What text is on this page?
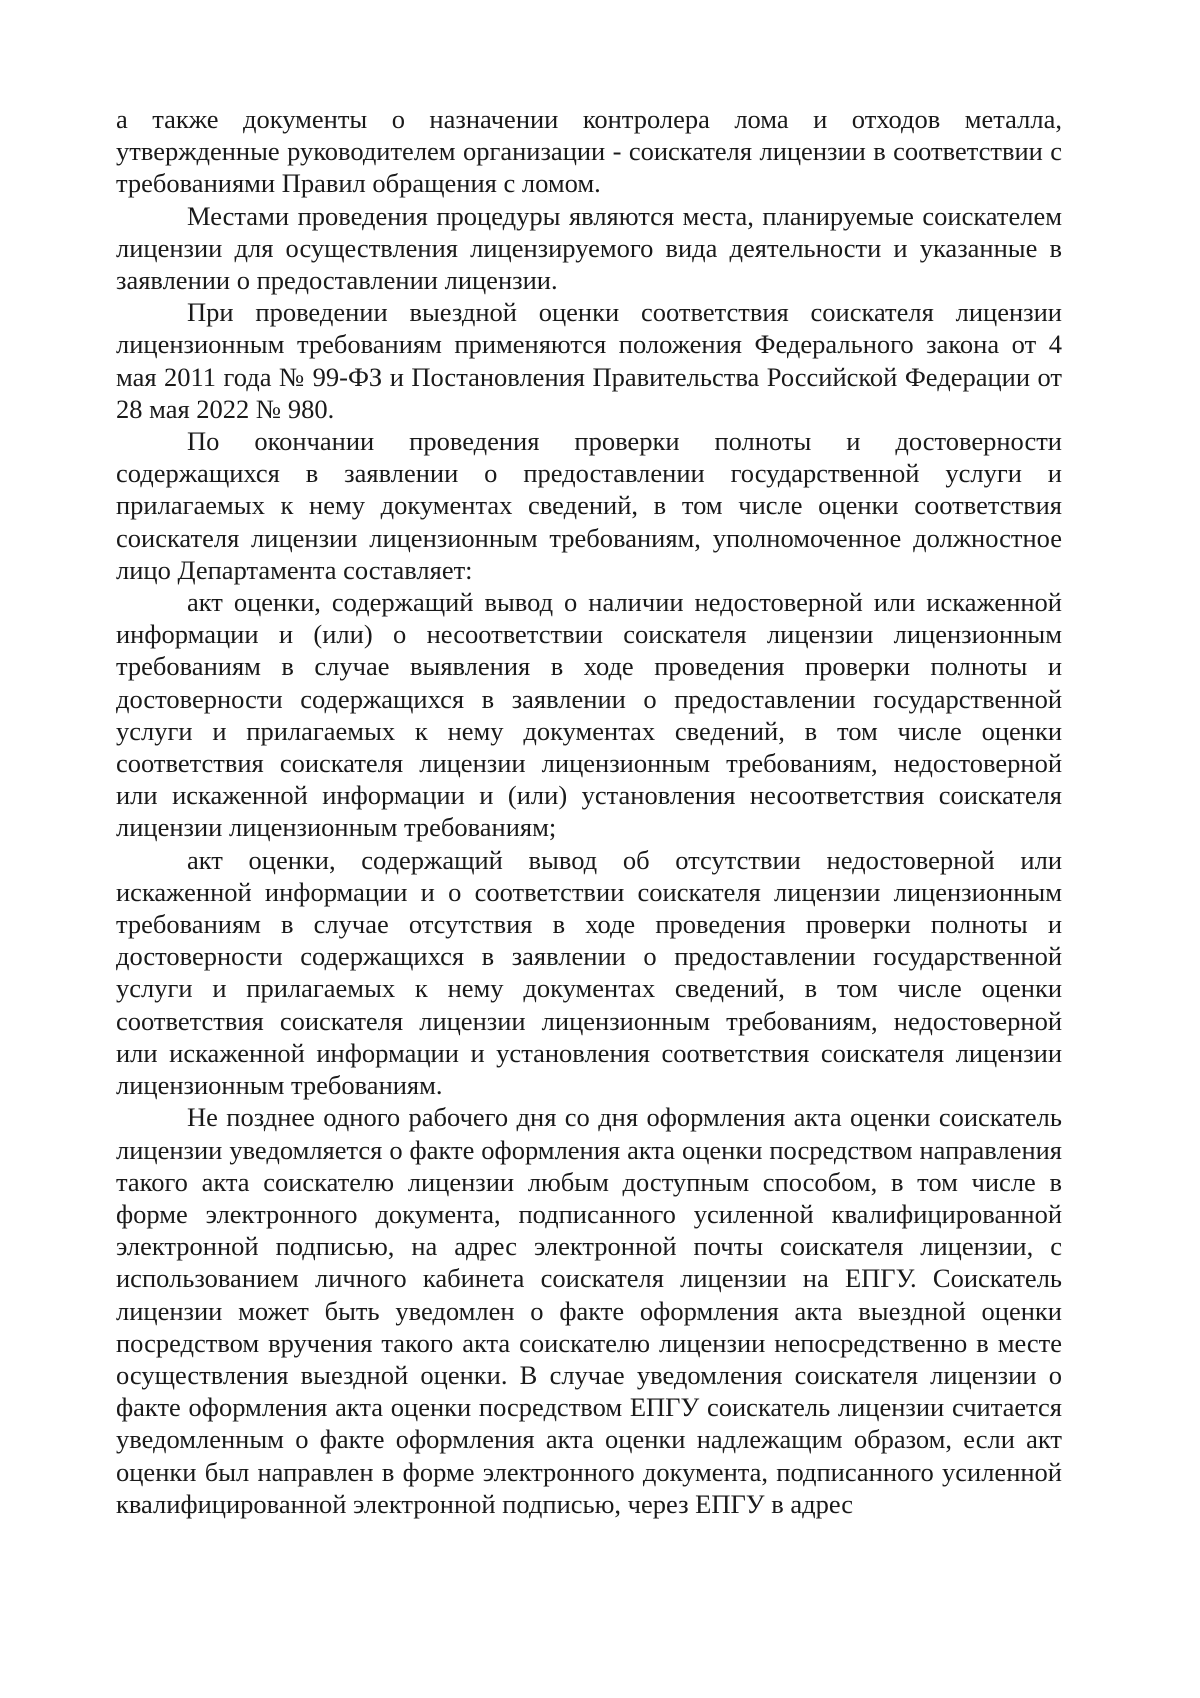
а также документы о назначении контролера лома и отходов металла, утвержденные руководителем организации - соискателя лицензии в соответствии с требованиями Правил обращения с ломом.

Местами проведения процедуры являются места, планируемые соискателем лицензии для осуществления лицензируемого вида деятельности и указанные в заявлении о предоставлении лицензии.

При проведении выездной оценки соответствия соискателя лицензии лицензионным требованиям применяются положения Федерального закона от 4 мая 2011 года № 99-ФЗ и Постановления Правительства Российской Федерации от 28 мая 2022 № 980.

По окончании проведения проверки полноты и достоверности содержащихся в заявлении о предоставлении государственной услуги и прилагаемых к нему документах сведений, в том числе оценки соответствия соискателя лицензии лицензионным требованиям, уполномоченное должностное лицо Департамента составляет:

акт оценки, содержащий вывод о наличии недостоверной или искаженной информации и (или) о несоответствии соискателя лицензии лицензионным требованиям в случае выявления в ходе проведения проверки полноты и достоверности содержащихся в заявлении о предоставлении государственной услуги и прилагаемых к нему документах сведений, в том числе оценки соответствия соискателя лицензии лицензионным требованиям, недостоверной или искаженной информации и (или) установления несоответствия соискателя лицензии лицензионным требованиям;

акт оценки, содержащий вывод об отсутствии недостоверной или искаженной информации и о соответствии соискателя лицензии лицензионным требованиям в случае отсутствия в ходе проведения проверки полноты и достоверности содержащихся в заявлении о предоставлении государственной услуги и прилагаемых к нему документах сведений, в том числе оценки соответствия соискателя лицензии лицензионным требованиям, недостоверной или искаженной информации и установления соответствия соискателя лицензии лицензионным требованиям.

Не позднее одного рабочего дня со дня оформления акта оценки соискатель лицензии уведомляется о факте оформления акта оценки посредством направления такого акта соискателю лицензии любым доступным способом, в том числе в форме электронного документа, подписанного усиленной квалифицированной электронной подписью, на адрес электронной почты соискателя лицензии, с использованием личного кабинета соискателя лицензии на ЕПГУ. Соискатель лицензии может быть уведомлен о факте оформления акта выездной оценки посредством вручения такого акта соискателю лицензии непосредственно в месте осуществления выездной оценки. В случае уведомления соискателя лицензии о факте оформления акта оценки посредством ЕПГУ соискатель лицензии считается уведомленным о факте оформления акта оценки надлежащим образом, если акт оценки был направлен в форме электронного документа, подписанного усиленной квалифицированной электронной подписью, через ЕПГУ в адрес
